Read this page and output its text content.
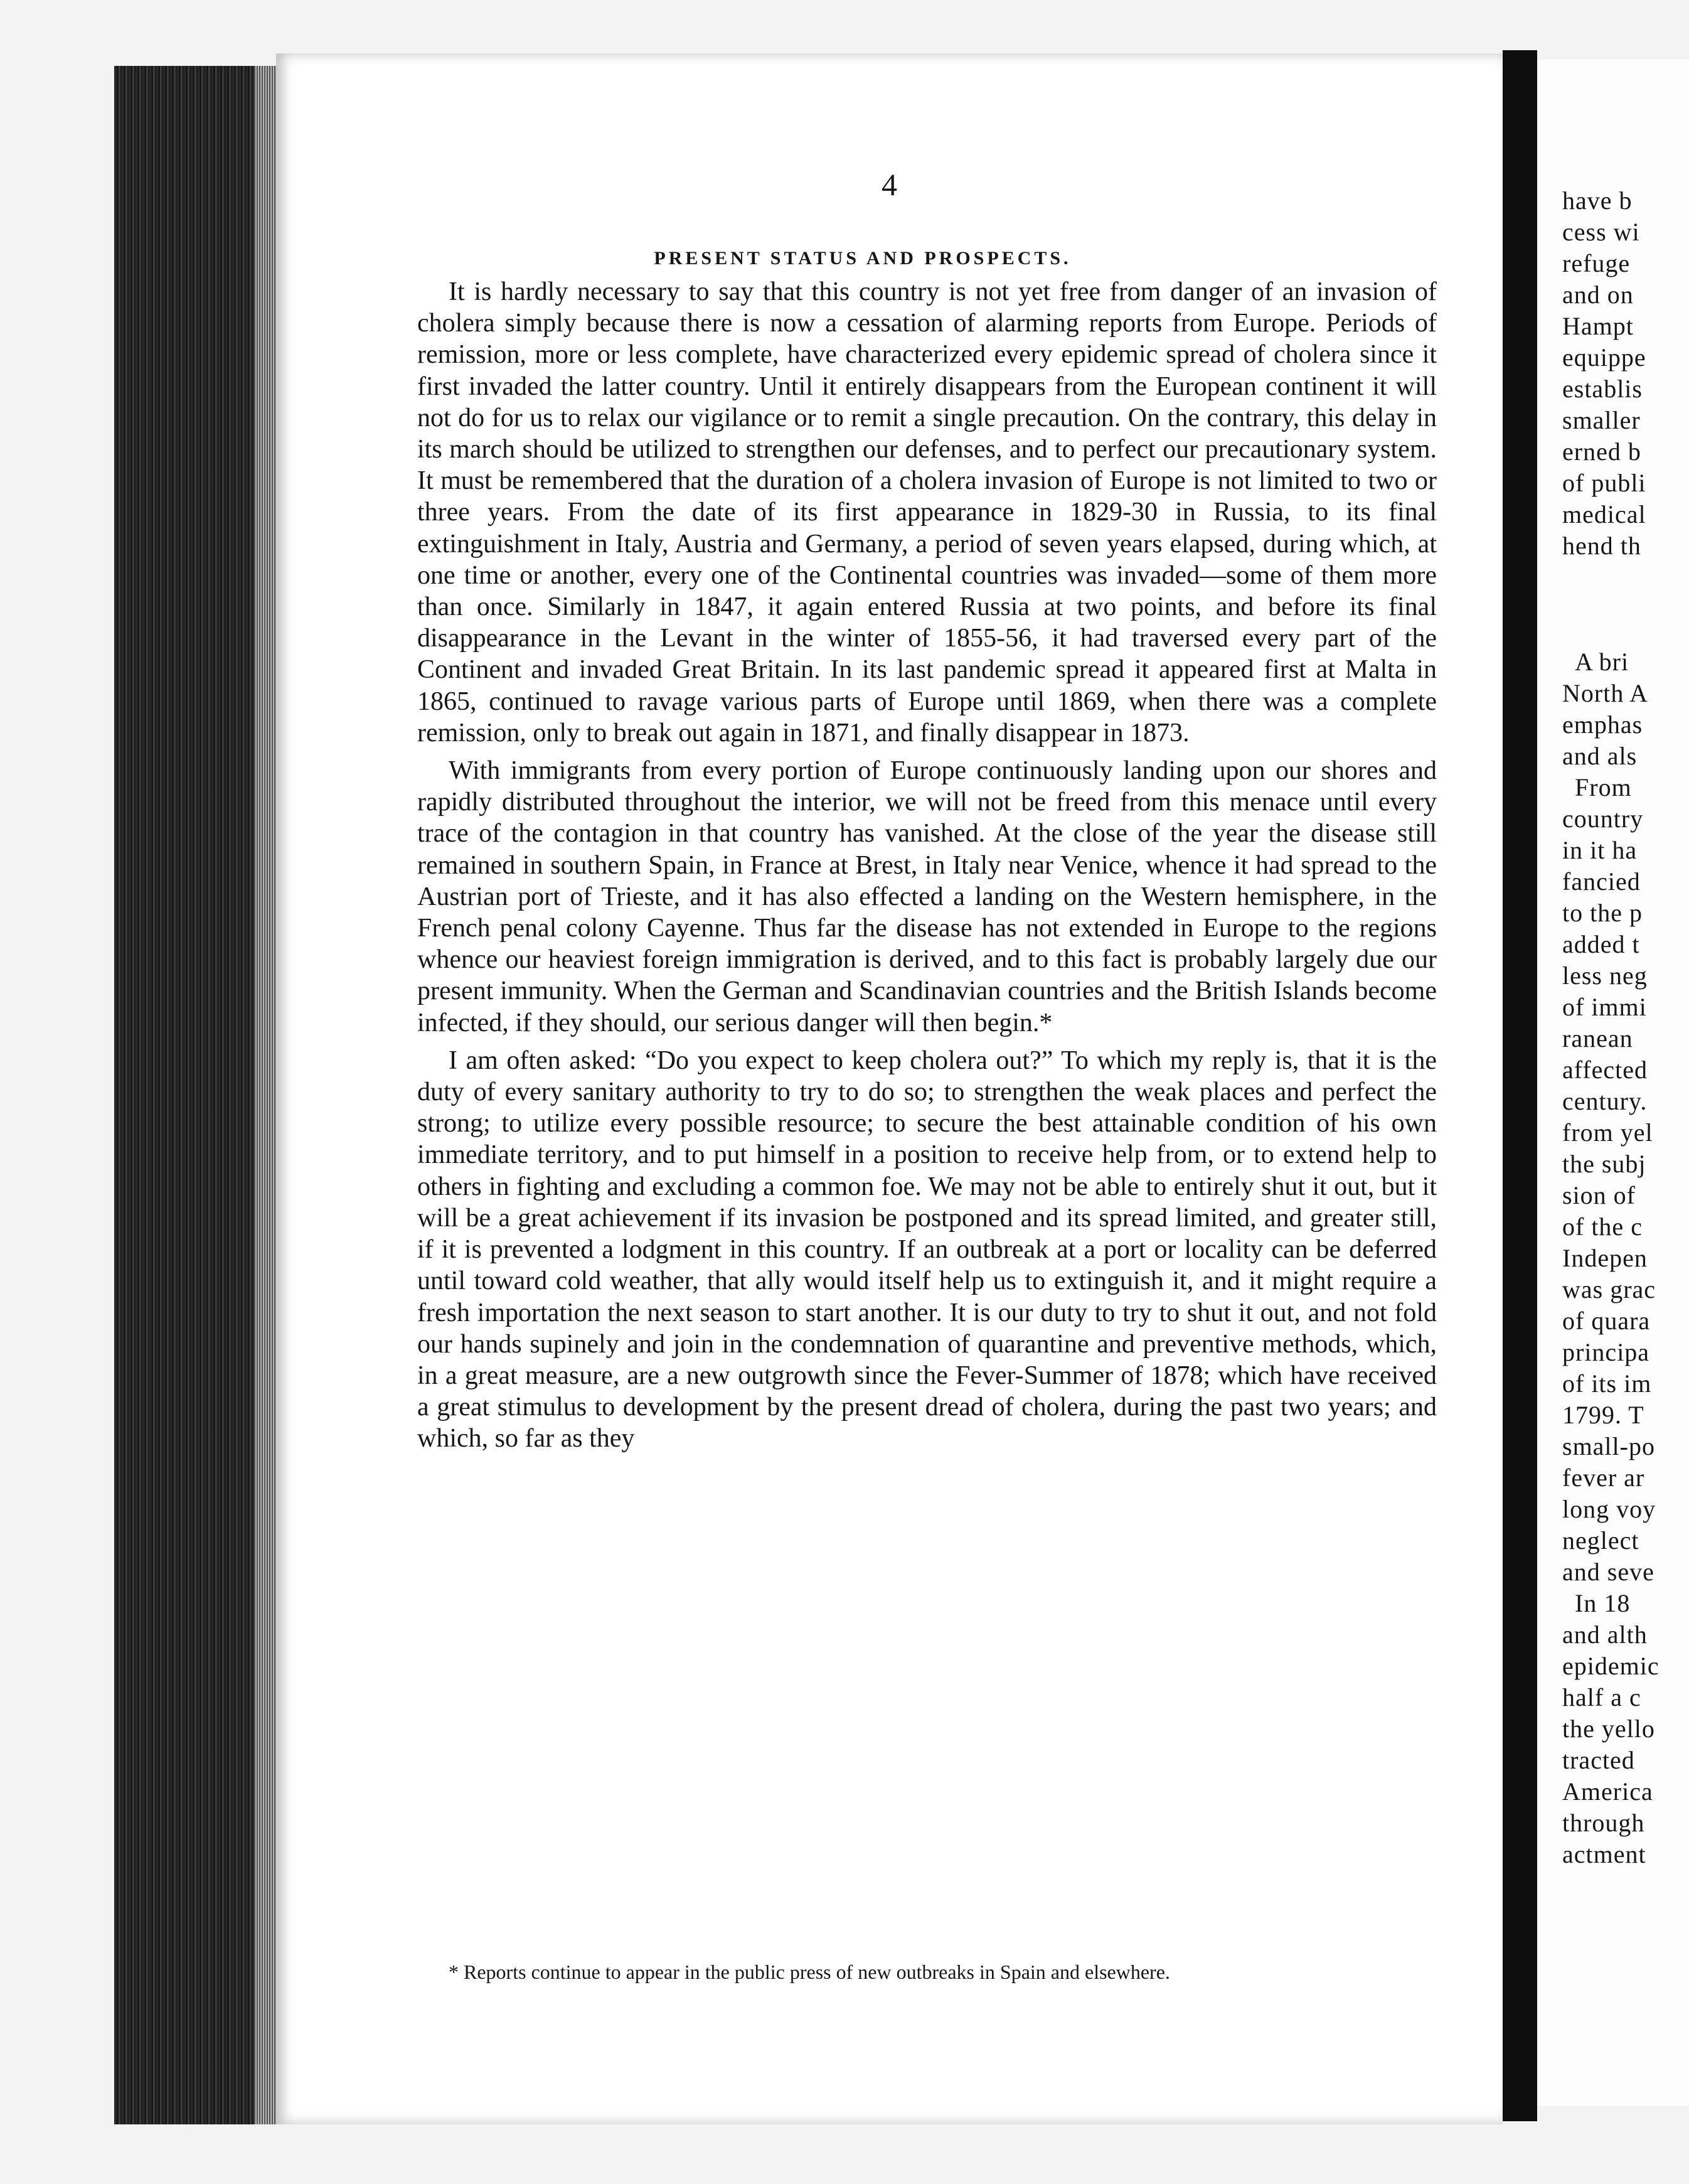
4
PRESENT STATUS AND PROSPECTS.

It is hardly necessary to say that this country is not yet free from danger of an invasion of cholera simply because there is now a cessation of alarming reports from Europe. Periods of remission, more or less complete, have characterized every epidemic spread of cholera since it first invaded the latter country. Until it entirely disappears from the European continent it will not do for us to relax our vigilance or to remit a single precaution. On the contrary, this delay in its march should be utilized to strengthen our defenses, and to perfect our precautionary system. It must be remembered that the duration of a cholera invasion of Europe is not limited to two or three years. From the date of its first appearance in 1829-30 in Russia, to its final extinguishment in Italy, Austria and Germany, a period of seven years elapsed, during which, at one time or another, every one of the Continental countries was invaded—some of them more than once. Similarly in 1847, it again entered Russia at two points, and before its final disappearance in the Levant in the winter of 1855-56, it had traversed every part of the Continent and invaded Great Britain. In its last pandemic spread it appeared first at Malta in 1865, continued to ravage various parts of Europe until 1869, when there was a complete remission, only to break out again in 1871, and finally disappear in 1873.

With immigrants from every portion of Europe continuously landing upon our shores and rapidly distributed throughout the interior, we will not be freed from this menace until every trace of the contagion in that country has vanished. At the close of the year the disease still remained in southern Spain, in France at Brest, in Italy near Venice, whence it had spread to the Austrian port of Trieste, and it has also effected a landing on the Western hemisphere, in the French penal colony Cayenne. Thus far the disease has not extended in Europe to the regions whence our heaviest foreign immigration is derived, and to this fact is probably largely due our present immunity. When the German and Scandinavian countries and the British Islands become infected, if they should, our serious danger will then begin.*

I am often asked: “Do you expect to keep cholera out?” To which my reply is, that it is the duty of every sanitary authority to try to do so; to strengthen the weak places and perfect the strong; to utilize every possible resource; to secure the best attainable condition of his own immediate territory, and to put himself in a position to receive help from, or to extend help to others in fighting and excluding a common foe. We may not be able to entirely shut it out, but it will be a great achievement if its invasion be postponed and its spread limited, and greater still, if it is prevented a lodgment in this country. If an outbreak at a port or locality can be deferred until toward cold weather, that ally would itself help us to extinguish it, and it might require a fresh importation the next season to start another. It is our duty to try to shut it out, and not fold our hands supinely and join in the condemnation of quarantine and preventive methods, which, in a great measure, are a new outgrowth since the Fever-Summer of 1878; which have received a great stimulus to development by the present dread of cholera, during the past two years; and which, so far as they

* Reports continue to appear in the public press of new outbreaks in Spain and elsewhere.
have b
cess wi
refuge
and on
Hampt
equippe
establis
smaller
erned b
of publi
medical
hend th
A bri
North A
emphas
and als
From
country
in it ha
fancied
to the p
added t
less neg
of immi
ranean
affected
century.
from yel
the subj
sion of
of the c
Indepen
was grac
of quara
principa
of its im
1799. T
small-po
fever ar
long voy
neglect
and seve
In 18
and alth
epidemic
half a c
the yello
tracted
America
through
actment
